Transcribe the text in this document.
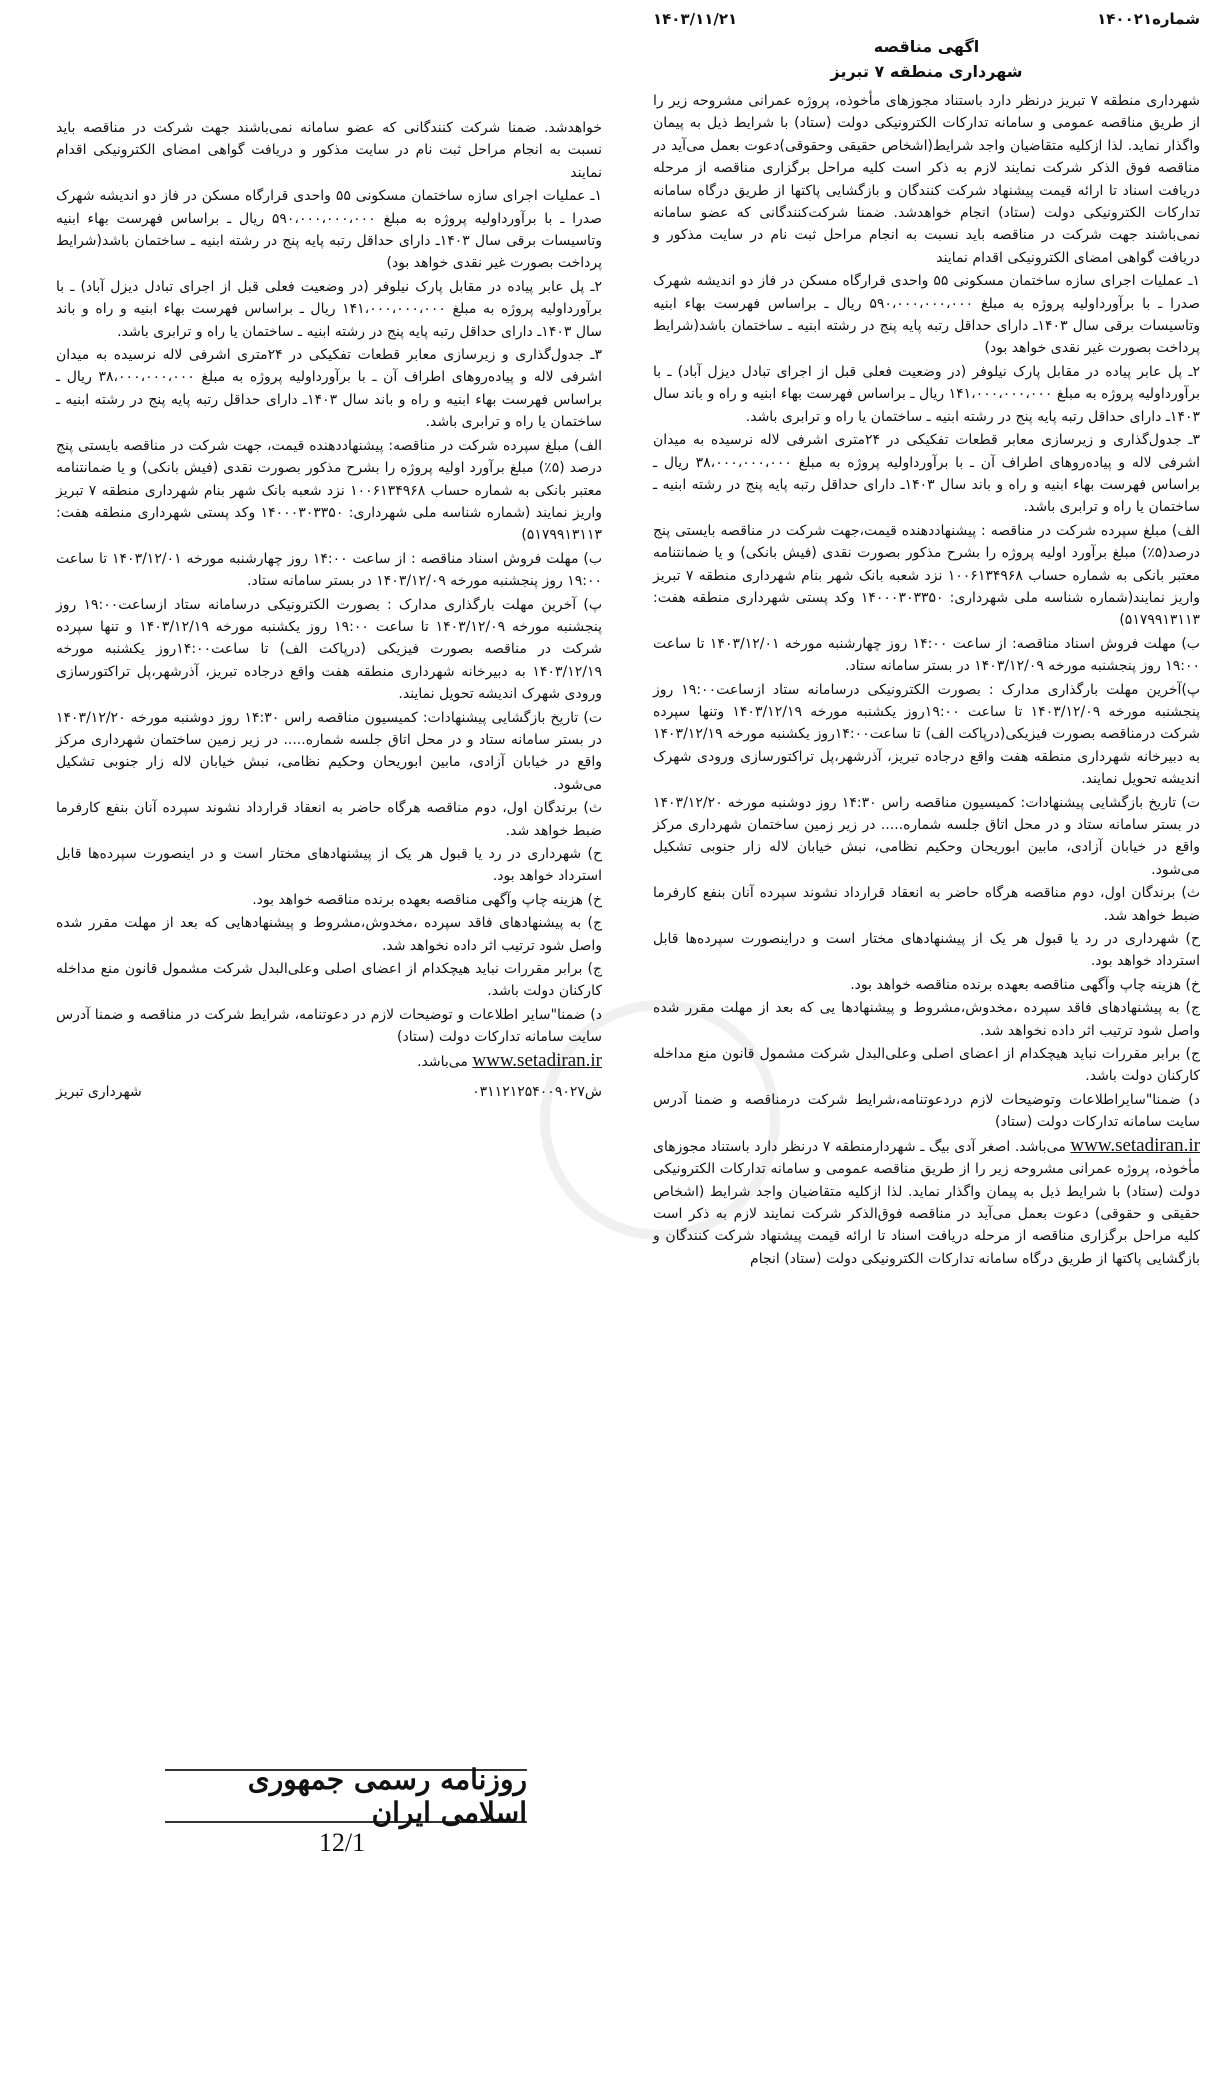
شماره۱۴۰۰۲۱
۱۴۰۳/۱۱/۲۱
اگهی مناقصه
شهرداری منطقه ۷ تبریز

شهرداری منطقه ۷ تبریز درنظر دارد باستناد مجوزهای مأخوذه، پروژه عمرانی مشروحه زیر را از طریق مناقصه عمومی و سامانه تدارکات الکترونیکی دولت (ستاد) با شرایط ذیل به پیمان واگذار نماید. لذا ازکلیه متقاضیان واجد شرایط(اشخاص حقیقی وحقوقی)دعوت بعمل می‌آید در مناقصه فوق الذکر شرکت نمایند لازم به ذکر است کلیه مراحل برگزاری مناقصه از مرحله دریافت اسناد تا ارائه قیمت پیشنهاد شرکت کنندگان و بازگشایی پاکتها از طریق درگاه سامانه تدارکات الکترونیکی دولت (ستاد) انجام خواهدشد. ضمنا شرکت‌کنندگانی که عضو سامانه نمی‌باشند جهت شرکت در مناقصه باید نسبت به انجام مراحل ثبت نام در سایت مذکور و دریافت گواهی امضای الکترونیکی اقدام نمایند

۱ـ عملیات اجرای سازه ساختمان مسکونی ۵۵ واحدی قرارگاه مسکن در فاز دو اندیشه شهرک صدرا ـ با برآورداولیه پروژه به مبلغ ۵۹۰،۰۰۰،۰۰۰،۰۰۰ ریال ـ براساس فهرست بهاء ابنیه وتاسیسات برقی سال ۱۴۰۳ـ دارای حداقل رتبه پایه پنج در رشته ابنیه ـ ساختمان باشد(شرایط پرداخت بصورت غیر نقدی خواهد بود)

۲ـ پل عابر پیاده در مقابل پارک نیلوفر (در وضعیت فعلی قبل از اجرای تبادل دیزل آباد) ـ با برآورداولیه پروژه به مبلغ ۱۴۱،۰۰۰،۰۰۰،۰۰۰ ریال ـ براساس فهرست بهاء ابنیه و راه و باند سال ۱۴۰۳ـ دارای حداقل رتبه پایه پنج در رشته ابنیه ـ ساختمان یا راه و ترابری باشد.

۳ـ جدول‌گذاری و زیرسازی معابر قطعات تفکیکی در ۲۴متری اشرفی لاله نرسیده به میدان اشرفی لاله و پیاده‌روهای اطراف آن ـ با برآورداولیه پروژه به مبلغ ۳۸،۰۰۰،۰۰۰،۰۰۰ ریال ـ براساس فهرست بهاء ابنیه و راه و باند سال ۱۴۰۳ـ دارای حداقل رتبه پایه پنج در رشته ابنیه ـ ساختمان یا راه و ترابری باشد.

الف) مبلغ سپرده شرکت در مناقصه : پیشنهاددهنده قیمت،جهت شرکت در مناقصه بایستی پنج درصد(۵٪) مبلغ برآورد اولیه پروژه را بشرح مذکور بصورت نقدی (فیش بانکی) و یا ضمانتنامه معتبر بانکی به شماره حساب ۱۰۰۶۱۳۴۹۶۸ نزد شعبه بانک شهر بنام شهرداری منطقه ۷ تبریز واریز نمایند(شماره شناسه ملی شهرداری: ۱۴۰۰۰۳۰۳۳۵۰ وکد پستی شهرداری منطقه هفت: ۵۱۷۹۹۱۳۱۱۳)

ب) مهلت فروش اسناد مناقصه: از ساعت ۱۴:۰۰ روز چهارشنبه مورخه ۱۴۰۳/۱۲/۰۱ تا ساعت ۱۹:۰۰ روز پنجشنبه مورخه ۱۴۰۳/۱۲/۰۹ در بستر سامانه ستاد.

پ)آخرین مهلت بارگذاری مدارک : بصورت الکترونیکی درسامانه ستاد ازساعت۱۹:۰۰ روز پنجشنبه مورخه ۱۴۰۳/۱۲/۰۹ تا ساعت ۱۹:۰۰روز یکشنبه مورخه ۱۴۰۳/۱۲/۱۹ وتنها سپرده شرکت درمناقصه بصورت فیزیکی(درپاکت الف) تا ساعت۱۴:۰۰روز یکشنبه مورخه ۱۴۰۳/۱۲/۱۹ به دبیرخانه شهرداری منطقه هفت واقع درجاده تبریز، آذرشهر،پل تراکتورسازی ورودی شهرک اندیشه تحویل نمایند.

ت) تاریخ بازگشایی پیشنهادات: کمیسیون مناقصه راس ۱۴:۳۰ روز دوشنبه مورخه ۱۴۰۳/۱۲/۲۰ در بستر سامانه ستاد و در محل اتاق جلسه شماره..... در زیر زمین ساختمان شهرداری مرکز واقع در خیابان آزادی، مابین ابوریحان وحکیم نظامی، نبش خیابان لاله زار جنوبی تشکیل می‌شود.

ث) برندگان اول، دوم مناقصه هرگاه حاضر به انعقاد قرارداد نشوند سپرده آنان بنفع کارفرما ضبط خواهد شد.

ح) شهرداری در رد یا قبول هر یک از پیشنهادهای مختار است و دراینصورت سپرده‌ها قابل استرداد خواهد بود.

خ) هزینه چاپ وآگهی مناقصه بعهده برنده مناقصه خواهد بود.

ج) به پیشنهادهای فاقد سپرده ،مخدوش،مشروط و پیشنهادها یی که بعد از مهلت مقرر شده واصل شود ترتیب اثر داده نخواهد شد.

ج) برابر مقررات نباید هیچکدام از اعضای اصلی وعلی‌البدل شرکت مشمول قانون منع مداخله کارکنان دولت باشد.

د) ضمنا"سایراطلاعات وتوضیحات لازم دردعوتنامه،شرایط شرکت درمناقصه و ضمنا آدرس سایت سامانه تدارکات دولت (ستاد)

www.setadiran.ir می‌باشد. اصغر آدی بیگ ـ شهردارمنطقه ۷ درنظر دارد باستناد مجوزهای مأخوذه، پروژه عمرانی مشروحه زیر را از طریق مناقصه عمومی و سامانه تدارکات الکترونیکی دولت (ستاد) با شرایط ذیل به پیمان واگذار نماید. لذا ازکلیه متقاضیان واجد شرایط (اشخاص حقیقی و حقوقی) دعوت بعمل می‌آید در مناقصه فوق‌الذکر شرکت نمایند لازم به ذکر است کلیه مراحل برگزاری مناقصه از مرحله دریافت اسناد تا ارائه قیمت پیشنهاد شرکت کنندگان و بازگشایی پاکتها از طریق درگاه سامانه تدارکات الکترونیکی دولت (ستاد) انجام

خواهدشد. ضمنا شرکت کنندگانی که عضو سامانه نمی‌باشند جهت شرکت در مناقصه باید نسبت به انجام مراحل ثبت نام در سایت مذکور و دریافت گواهی امضای الکترونیکی اقدام نمایند

۱ـ عملیات اجرای سازه ساختمان مسکونی ۵۵ واحدی قرارگاه مسکن در فاز دو اندیشه شهرک صدرا ـ با برآورداولیه پروژه به مبلغ ۵۹۰،۰۰۰،۰۰۰،۰۰۰ ریال ـ براساس فهرست بهاء ابنیه وتاسیسات برقی سال ۱۴۰۳ـ دارای حداقل رتبه پایه پنج در رشته ابنیه ـ ساختمان باشد(شرایط پرداخت بصورت غیر نقدی خواهد بود)

۲ـ پل عابر پیاده در مقابل پارک نیلوفر (در وضعیت فعلی قبل از اجرای تبادل دیزل آباد) ـ با برآورداولیه پروژه به مبلغ ۱۴۱،۰۰۰،۰۰۰،۰۰۰ ریال ـ براساس فهرست بهاء ابنیه و راه و باند سال ۱۴۰۳ـ دارای حداقل رتبه پایه پنج در رشته ابنیه ـ ساختمان یا راه و ترابری باشد.

۳ـ جدول‌گذاری و زیرسازی معابر قطعات تفکیکی در ۲۴متری اشرفی لاله نرسیده به میدان اشرفی لاله و پیاده‌روهای اطراف آن ـ با برآورداولیه پروژه به مبلغ ۳۸،۰۰۰،۰۰۰،۰۰۰ ریال ـ براساس فهرست بهاء ابنیه و راه و باند سال ۱۴۰۳ـ دارای حداقل رتبه پایه پنج در رشته ابنیه ـ ساختمان یا راه و ترابری باشد.

الف) مبلغ سپرده شرکت در مناقصه: پیشنهاددهنده قیمت، جهت شرکت در مناقصه بایستی پنج درصد (۵٪) مبلغ برآورد اولیه پروژه را بشرح مذکور بصورت نقدی (فیش بانکی) و یا ضمانتنامه معتبر بانکی به شماره حساب ۱۰۰۶۱۳۴۹۶۸ نزد شعبه بانک شهر بنام شهرداری منطقه ۷ تبریز واریز نمایند (شماره شناسه ملی شهرداری: ۱۴۰۰۰۳۰۳۳۵۰ وکد پستی شهرداری منطقه هفت: ۵۱۷۹۹۱۳۱۱۳)

ب) مهلت فروش اسناد مناقصه : از ساعت ۱۴:۰۰ روز چهارشنبه مورخه ۱۴۰۳/۱۲/۰۱ تا ساعت ۱۹:۰۰ روز پنجشنبه مورخه ۱۴۰۳/۱۲/۰۹ در بستر سامانه ستاد.

پ) آخرین مهلت بارگذاری مدارک : بصورت الکترونیکی درسامانه ستاد ازساعت۱۹:۰۰ روز پنجشنبه مورخه ۱۴۰۳/۱۲/۰۹ تا ساعت ۱۹:۰۰ روز یکشنبه مورخه ۱۴۰۳/۱۲/۱۹ و تنها سپرده شرکت در مناقصه بصورت فیزیکی (درپاکت الف) تا ساعت۱۴:۰۰روز یکشنبه مورخه ۱۴۰۳/۱۲/۱۹ به دبیرخانه شهرداری منطقه هفت واقع درجاده تبریز، آذرشهر،پل تراکتورسازی ورودی شهرک اندیشه تحویل نمایند.

ت) تاریخ بازگشایی پیشنهادات: کمیسیون مناقصه راس ۱۴:۳۰ روز دوشنبه مورخه ۱۴۰۳/۱۲/۲۰ در بستر سامانه ستاد و در محل اتاق جلسه شماره..... در زیر زمین ساختمان شهرداری مرکز واقع در خیابان آزادی، مابین ابوریحان وحکیم نظامی، نبش خیابان لاله زار جنوبی تشکیل می‌شود.

ث) برندگان اول، دوم مناقصه هرگاه حاضر به انعقاد قرارداد نشوند سپرده آنان بنفع کارفرما ضبط خواهد شد.

ح) شهرداری در رد یا قبول هر یک از پیشنهادهای مختار است و در اینصورت سپرده‌ها قابل استرداد خواهد بود.

خ) هزینه چاپ وآگهی مناقصه بعهده برنده مناقصه خواهد بود.

ج) به پیشنهادهای فاقد سپرده ،مخدوش،مشروط و پیشنهادهایی که بعد از مهلت مقرر شده واصل شود ترتیب اثر داده نخواهد شد.

ج) برابر مقررات نباید هیچکدام از اعضای اصلی وعلی‌البدل شرکت مشمول قانون منع مداخله کارکنان دولت باشد.

د) ضمنا"سایر اطلاعات و توضیحات لازم در دعوتنامه، شرایط شرکت در مناقصه و ضمنا آدرس سایت سامانه تدارکات دولت (ستاد)

www.setadiran.ir می‌باشد.

ش۰۳۱۱۲۱۲۵۴۰۰۹۰۲۷
شهرداری تبریز
روزنامه رسمی جمهوری اسلامی ایران
12/1
